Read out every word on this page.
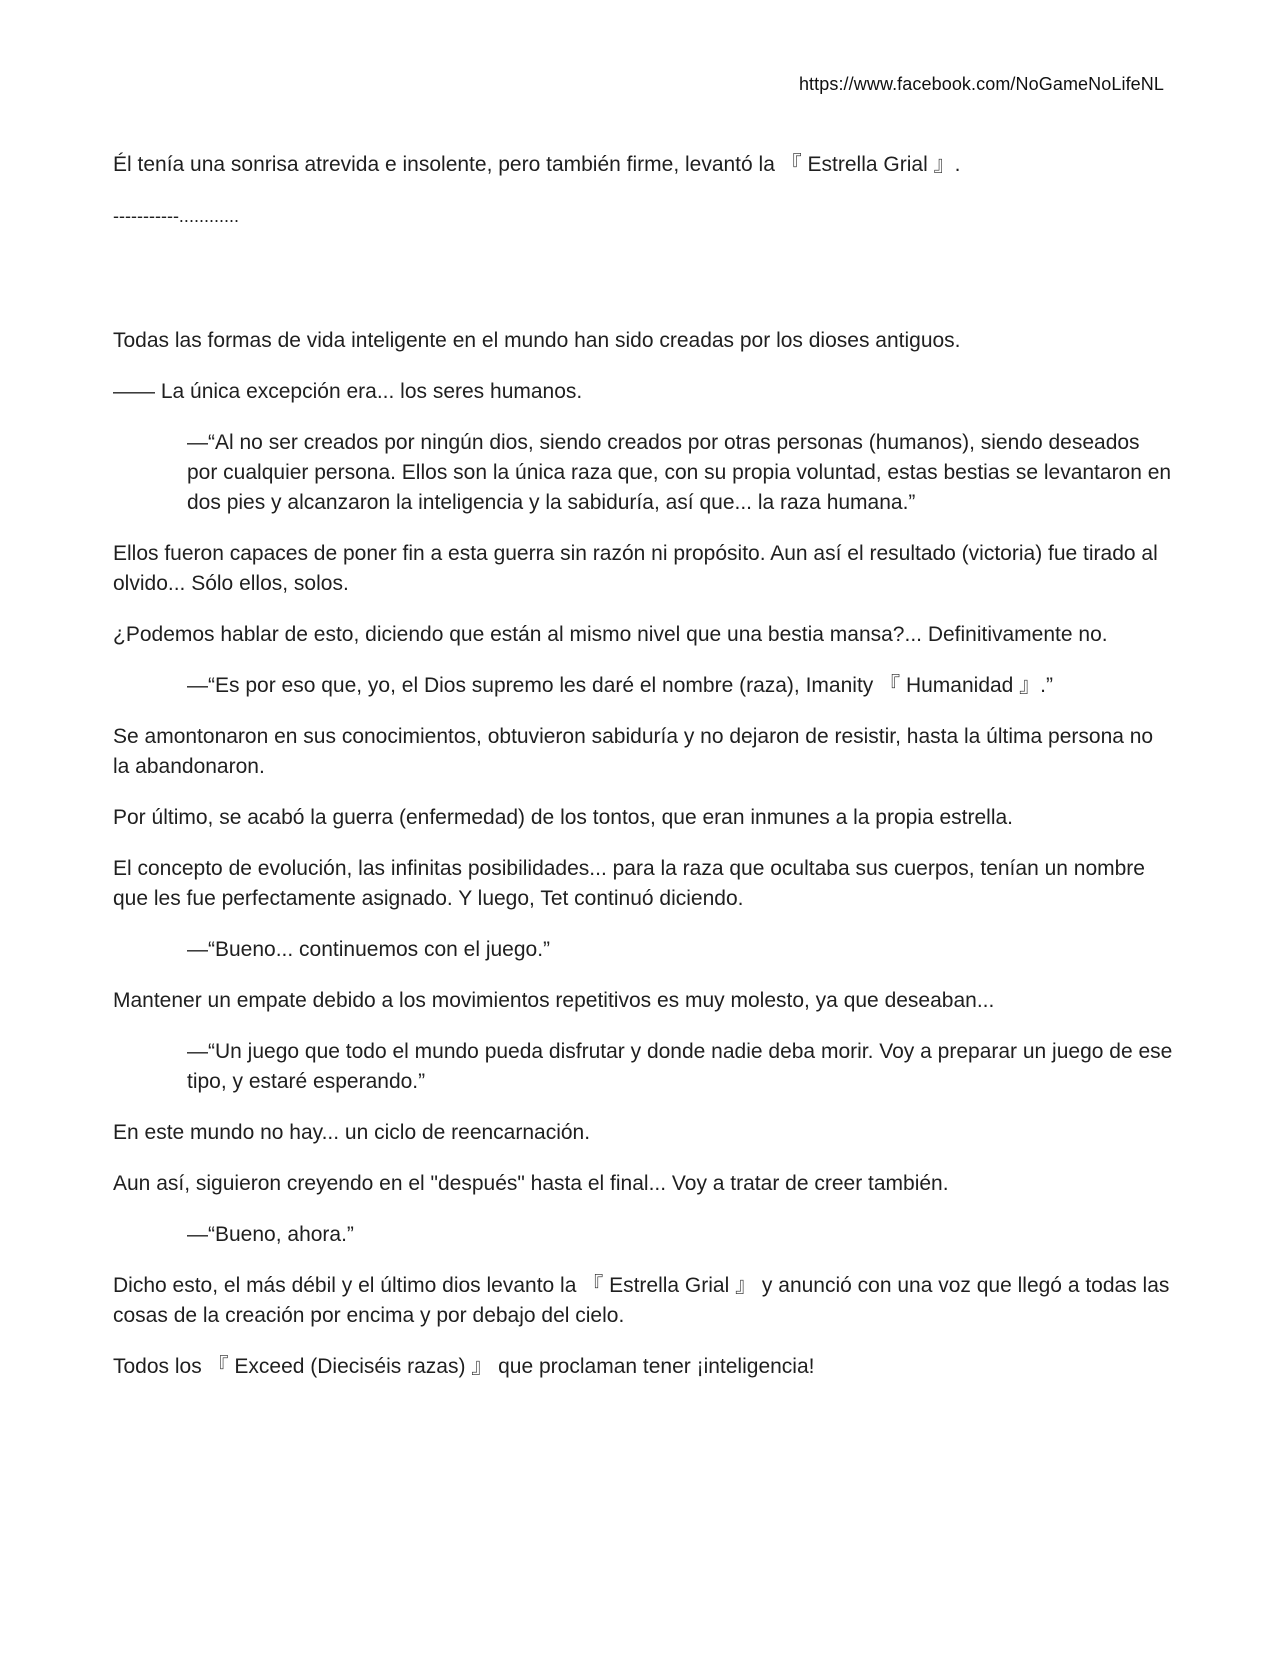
https://www.facebook.com/NoGameNoLifeNL

Él tenía una sonrisa atrevida e insolente, pero también firme, levantó la 『 Estrella Grial 』.

-----------............

Todas las formas de vida inteligente en el mundo han sido creadas por los dioses antiguos.

—— La única excepción era... los seres humanos.

—“Al no ser creados por ningún dios, siendo creados por otras personas (humanos), siendo deseados por cualquier persona. Ellos son la única raza que, con su propia voluntad, estas bestias se levantaron en dos pies y alcanzaron la inteligencia y la sabiduría, así que... la raza humana.”

Ellos fueron capaces de poner fin a esta guerra sin razón ni propósito. Aun así el resultado (victoria) fue tirado al olvido... Sólo ellos, solos.

¿Podemos hablar de esto, diciendo que están al mismo nivel que una bestia mansa?... Definitivamente no.

—“Es por eso que, yo, el Dios supremo les daré el nombre (raza), Imanity 『 Humanidad 』.”

Se amontonaron en sus conocimientos, obtuvieron sabiduría y no dejaron de resistir, hasta la última persona no la abandonaron.

Por último, se acabó la guerra (enfermedad) de los tontos, que eran inmunes a la propia estrella.

El concepto de evolución, las infinitas posibilidades... para la raza que ocultaba sus cuerpos, tenían un nombre que les fue perfectamente asignado. Y luego, Tet continuó diciendo.

—“Bueno... continuemos con el juego.”

Mantener un empate debido a los movimientos repetitivos es muy molesto, ya que deseaban...

—“Un juego que todo el mundo pueda disfrutar y donde nadie deba morir. Voy a preparar un juego de ese tipo, y estaré esperando.”

En este mundo no hay... un ciclo de reencarnación.

Aun así, siguieron creyendo en el "después" hasta el final... Voy a tratar de creer también.

—“Bueno, ahora.”

Dicho esto, el más débil y el último dios levanto la 『 Estrella Grial 』 y anunció con una voz que llegó a todas las cosas de la creación por encima y por debajo del cielo.

Todos los 『 Exceed (Dieciséis razas) 』 que proclaman tener ¡inteligencia!
